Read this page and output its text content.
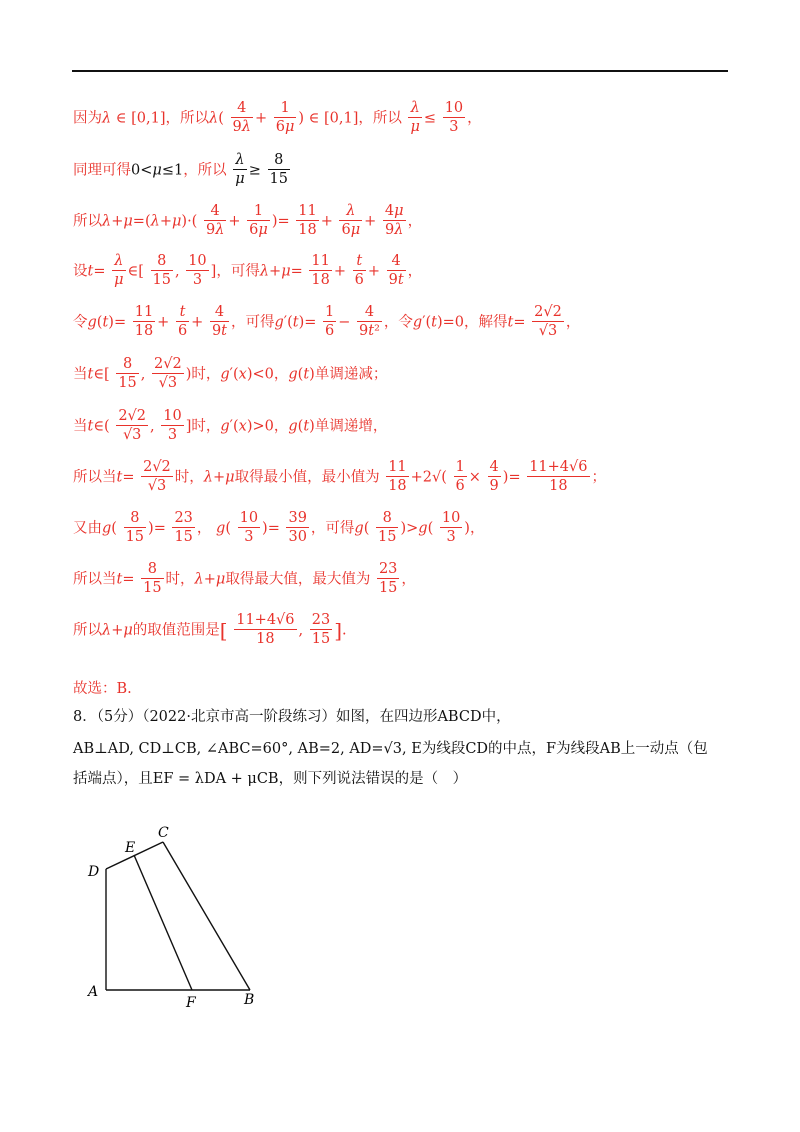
因为λ ∈ [0,1]，所以$\lambda( \frac{4}{9\lambda} + \frac{1}{6\mu}$ ) ∈ [0,1]，所以 $\frac{\lambda}{\mu} \le \frac{10}{3}$ ，
同理可得0<μ≤1，所以 $\frac{\lambda}{\mu} \ge \frac{8}{15}$
所以$\lambda+\mu=(\lambda+\mu)\cdot( \frac{4}{9\lambda} + \frac{1}{6\mu}$ )= $\frac{11}{18} + \frac{\lambda}{6\mu} + \frac{4\mu}{9\lambda}$ ，
设$t= \frac{\lambda}{\mu}$ ∈[ $\frac{8}{15}$ , $\frac{10}{3}$ ]，可得$\lambda+\mu= \frac{11}{18} + \frac{t}{6} + \frac{4}{9t}$ ，
令$g(t)= \frac{11}{18} + \frac{t}{6} + \frac{4}{9t}$ ，可得$g'(t)= \frac{1}{6} - \frac{4}{\text{9t²}}$ ，令g′(t)=0，解得$t= \frac{2√2}{√3}$ ，
当t∈[ $\frac{8}{15}$ , $\frac{2√2}{√3}$ )时，g′(x)<0，g(t)单调递减；
当t∈( $\frac{2√2}{√3}$ , $\frac{10}{3}$ ]时，g′(x)>0，g(t)单调递增，
所以当$t= \frac{2√2}{√3}$ 时，λ+μ取得最小值，最小值为 $\frac{11}{18} +2√( \frac{1}{6} \times \frac{4}{9}$ )= $\frac{11+4√6}{18}$ ；
又由$g( \frac{8}{15}$ )= $\frac{23}{15}$ ， $g( \frac{10}{3}$ )= $\frac{39}{30}$ ，可得$g( \frac{8}{15} )>g( \frac{10}{3}$ )，
所以当$t= \frac{8}{15}$ 时，λ+μ取得最大值，最大值为 $\frac{23}{15}$ ，
所以λ+μ的取值范围是[ $\frac{11+4√6}{18}$ , $\frac{23}{15}$ ].
故选：B.
8．（5分）（2022·北京市高一阶段练习）如图，在四边形ABCD中，
AB⊥AD, CD⊥CB, ∠ABC=60°, AB=2, AD=√3, E为线段CD的中点，F为线段AB上一动点（包
括端点），且EF = λDA + μCB，则下列说法错误的是（　）
A	B
C
D
E
F
